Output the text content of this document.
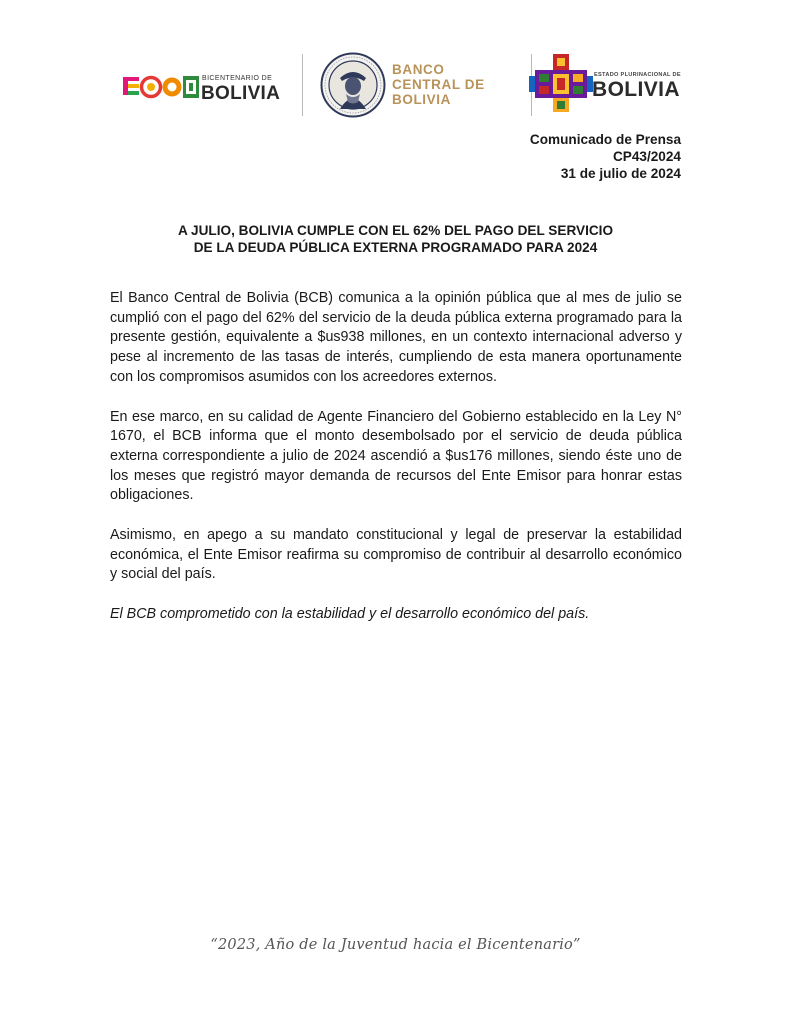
BICENTENARIO DE
BOLIVIA
BANCO
CENTRAL DE
BOLIVIA
ESTADO PLURINACIONAL DE
BOLIVIA
Comunicado de Prensa
CP43/2024
31 de julio de 2024
A JULIO, BOLIVIA CUMPLE CON EL 62% DEL PAGO DEL SERVICIO
DE LA DEUDA PÚBLICA EXTERNA PROGRAMADO PARA 2024

El Banco Central de Bolivia (BCB) comunica a la opinión pública que al mes de julio se cumplió con el pago del 62% del servicio de la deuda pública externa programado para la presente gestión, equivalente a $us938 millones, en un contexto internacional adverso y pese al incremento de las tasas de interés, cumpliendo de esta manera oportunamente con los compromisos asumidos con los acreedores externos.

En ese marco, en su calidad de Agente Financiero del Gobierno establecido en la Ley N° 1670, el BCB informa que el monto desembolsado por el servicio de deuda pública externa correspondiente a julio de 2024 ascendió a $us176 millones, siendo éste uno de los meses que registró mayor demanda de recursos del Ente Emisor para honrar estas obligaciones.

Asimismo, en apego a su mandato constitucional y legal de preservar la estabilidad económica, el Ente Emisor reafirma su compromiso de contribuir al desarrollo económico y social del país.

El BCB comprometido con la estabilidad y el desarrollo económico del país.

“2023, Año de la Juventud hacia el Bicentenario”
